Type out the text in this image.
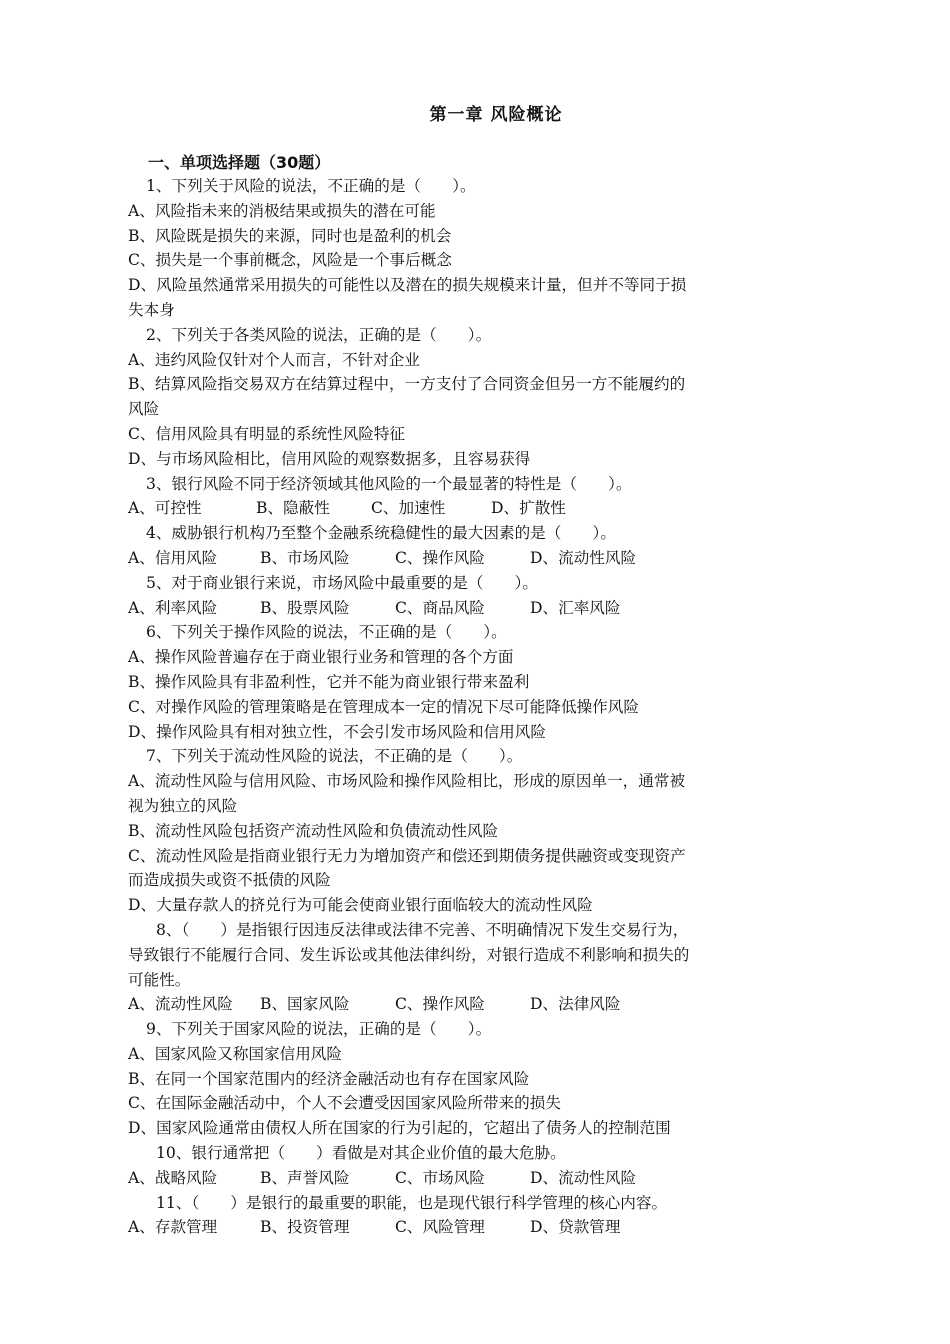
第一章 风险概论
一、单项选择题（30题）
1、下列关于风险的说法，不正确的是（　　）。
A、风险指未来的消极结果或损失的潜在可能
B、风险既是损失的来源，同时也是盈利的机会
C、损失是一个事前概念，风险是一个事后概念
D、风险虽然通常采用损失的可能性以及潜在的损失规模来计量，但并不等同于损
失本身
2、下列关于各类风险的说法，正确的是（　　）。
A、违约风险仅针对个人而言，不针对企业
B、结算风险指交易双方在结算过程中，一方支付了合同资金但另一方不能履约的
风险
C、信用风险具有明显的系统性风险特征
D、与市场风险相比，信用风险的观察数据多，且容易获得
3、银行风险不同于经济领域其他风险的一个最显著的特性是（　　）。
A、可控性	B、隐蔽性	C、加速性	D、扩散性
4、威胁银行机构乃至整个金融系统稳健性的最大因素的是（　　）。
A、信用风险	B、市场风险	C、操作风险	D、流动性风险
5、对于商业银行来说，市场风险中最重要的是（　　）。
A、利率风险	B、股票风险	C、商品风险	D、汇率风险
6、下列关于操作风险的说法，不正确的是（　　）。
A、操作风险普遍存在于商业银行业务和管理的各个方面
B、操作风险具有非盈利性，它并不能为商业银行带来盈利
C、对操作风险的管理策略是在管理成本一定的情况下尽可能降低操作风险
D、操作风险具有相对独立性，不会引发市场风险和信用风险
7、下列关于流动性风险的说法，不正确的是（　　）。
A、流动性风险与信用风险、市场风险和操作风险相比，形成的原因单一，通常被
视为独立的风险
B、流动性风险包括资产流动性风险和负债流动性风险
C、流动性风险是指商业银行无力为增加资产和偿还到期债务提供融资或变现资产
而造成损失或资不抵债的风险
D、大量存款人的挤兑行为可能会使商业银行面临较大的流动性风险
8、（　　）是指银行因违反法律或法律不完善、不明确情况下发生交易行为，
导致银行不能履行合同、发生诉讼或其他法律纠纷，对银行造成不利影响和损失的
可能性。
A、流动性风险 B、国家风险	C、操作风险	D、法律风险
9、下列关于国家风险的说法，正确的是（　　）。
A、国家风险又称国家信用风险
B、在同一个国家范围内的经济金融活动也有存在国家风险
C、在国际金融活动中，个人不会遭受因国家风险所带来的损失
D、国家风险通常由债权人所在国家的行为引起的，它超出了债务人的控制范围
10、银行通常把（　　）看做是对其企业价值的最大危胁。
A、战略风险	B、声誉风险	C、市场风险	D、流动性风险
11、（　　）是银行的最重要的职能，也是现代银行科学管理的核心内容。
A、存款管理	B、投资管理	C、风险管理	D、贷款管理
